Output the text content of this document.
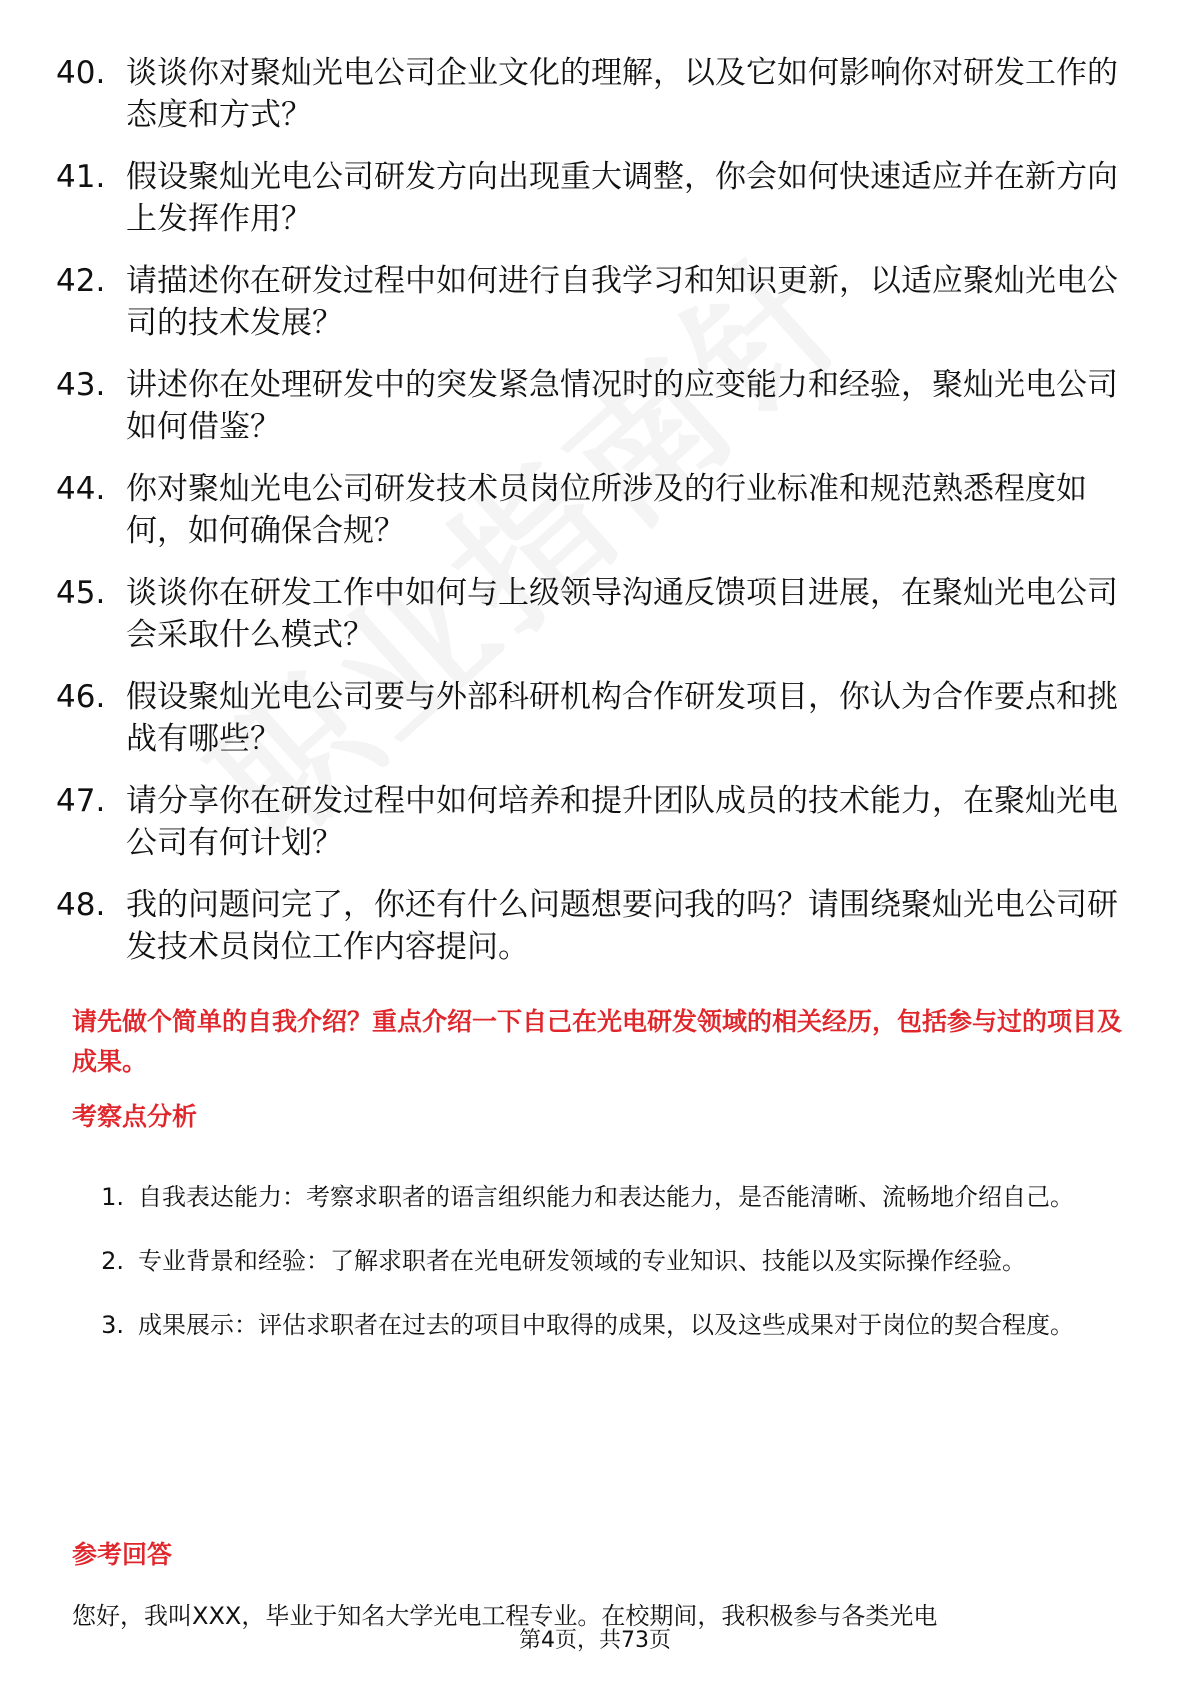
40. 谈谈你对聚灿光电公司企业文化的理解，以及它如何影响你对研发工作的态度和方式？
41. 假设聚灿光电公司研发方向出现重大调整，你会如何快速适应并在新方向上发挥作用？
42. 请描述你在研发过程中如何进行自我学习和知识更新，以适应聚灿光电公司的技术发展？
43. 讲述你在处理研发中的突发紧急情况时的应变能力和经验，聚灿光电公司如何借鉴？
44. 你对聚灿光电公司研发技术员岗位所涉及的行业标准和规范熟悉程度如何，如何确保合规？
45. 谈谈你在研发工作中如何与上级领导沟通反馈项目进展，在聚灿光电公司会采取什么模式？
46. 假设聚灿光电公司要与外部科研机构合作研发项目，你认为合作要点和挑战有哪些？
47. 请分享你在研发过程中如何培养和提升团队成员的技术能力，在聚灿光电公司有何计划？
48. 我的问题问完了，你还有什么问题想要问我的吗？请围绕聚灿光电公司研发技术员岗位工作内容提问。
请先做个简单的自我介绍？重点介绍一下自己在光电研发领域的相关经历，包括参与过的项目及成果。
考察点分析
1. 自我表达能力：考察求职者的语言组织能力和表达能力，是否能清晰、流畅地介绍自己。
2. 专业背景和经验：了解求职者在光电研发领域的专业知识、技能以及实际操作经验。
3. 成果展示：评估求职者在过去的项目中取得的成果，以及这些成果对于岗位的契合程度。
参考回答
您好，我叫XXX，毕业于知名大学光电工程专业。在校期间，我积极参与各类光电
第4页，共73页
